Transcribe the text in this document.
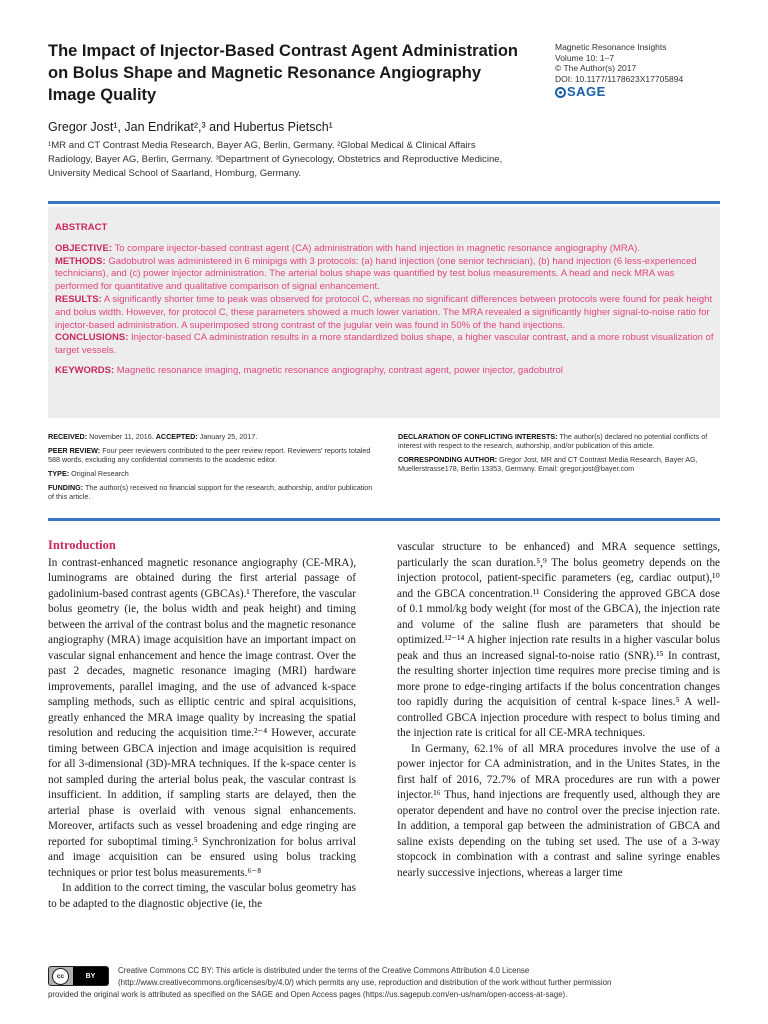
The Impact of Injector-Based Contrast Agent Administration on Bolus Shape and Magnetic Resonance Angiography Image Quality
Magnetic Resonance Insights
Volume 10: 1–7
© The Author(s) 2017
DOI: 10.1177/1178623X17705894
SAGE
Gregor Jost¹, Jan Endrikat²,³ and Hubertus Pietsch¹
¹MR and CT Contrast Media Research, Bayer AG, Berlin, Germany. ²Global Medical & Clinical Affairs Radiology, Bayer AG, Berlin, Germany. ³Department of Gynecology, Obstetrics and Reproductive Medicine, University Medical School of Saarland, Homburg, Germany.
ABSTRACT

OBJECTIVE: To compare injector-based contrast agent (CA) administration with hand injection in magnetic resonance angiography (MRA).

METHODS: Gadobutrol was administered in 6 minipigs with 3 protocols: (a) hand injection (one senior technician), (b) hand injection (6 less-experienced technicians), and (c) power injector administration. The arterial bolus shape was quantified by test bolus measurements. A head and neck MRA was performed for quantitative and qualitative comparison of signal enhancement.

RESULTS: A significantly shorter time to peak was observed for protocol C, whereas no significant differences between protocols were found for peak height and bolus width. However, for protocol C, these parameters showed a much lower variation. The MRA revealed a significantly higher signal-to-noise ratio for injector-based administration. A superimposed strong contrast of the jugular vein was found in 50% of the hand injections.

CONCLUSIONS: Injector-based CA administration results in a more standardized bolus shape, a higher vascular contrast, and a more robust visualization of target vessels.

KEYWORDS: Magnetic resonance imaging, magnetic resonance angiography, contrast agent, power injector, gadobutrol

RECEIVED: November 11, 2016. ACCEPTED: January 25, 2017.

PEER REVIEW: Four peer reviewers contributed to the peer review report. Reviewers' reports totaled 588 words, excluding any confidential comments to the academic editor.

TYPE: Original Research

FUNDING: The author(s) received no financial support for the research, authorship, and/or publication of this article.

DECLARATION OF CONFLICTING INTERESTS: The author(s) declared no potential conflicts of interest with respect to the research, authorship, and/or publication of this article.

CORRESPONDING AUTHOR: Gregor Jost, MR and CT Contrast Media Research, Bayer AG, Muellerstrasse178, Berlin 13353, Germany. Email: gregor.jost@bayer.com

Introduction

In contrast-enhanced magnetic resonance angiography (CE-MRA), luminograms are obtained during the first arterial passage of gadolinium-based contrast agents (GBCAs).¹ Therefore, the vascular bolus geometry (ie, the bolus width and peak height) and timing between the arrival of the contrast bolus and the magnetic resonance angiography (MRA) image acquisition have an important impact on vascular signal enhancement and hence the image contrast. Over the past 2 decades, magnetic resonance imaging (MRI) hardware improvements, parallel imaging, and the use of advanced k-space sampling methods, such as elliptic centric and spiral acquisitions, greatly enhanced the MRA image quality by increasing the spatial resolution and reducing the acquisition time.²⁻⁴ However, accurate timing between GBCA injection and image acquisition is required for all 3-dimensional (3D)-MRA techniques. If the k-space center is not sampled during the arterial bolus peak, the vascular contrast is insufficient. In addition, if sampling starts are delayed, then the arterial phase is overlaid with venous signal enhancements. Moreover, artifacts such as vessel broadening and edge ringing are reported for suboptimal timing.⁵ Synchronization for bolus arrival and image acquisition can be ensured using bolus tracking techniques or prior test bolus measurements.⁶⁻⁸

In addition to the correct timing, the vascular bolus geometry has to be adapted to the diagnostic objective (ie, the

vascular structure to be enhanced) and MRA sequence settings, particularly the scan duration.⁵,⁹ The bolus geometry depends on the injection protocol, patient-specific parameters (eg, cardiac output),¹⁰ and the GBCA concentration.¹¹ Considering the approved GBCA dose of 0.1 mmol/kg body weight (for most of the GBCA), the injection rate and volume of the saline flush are parameters that should be optimized.¹²⁻¹⁴ A higher injection rate results in a higher vascular bolus peak and thus an increased signal-to-noise ratio (SNR).¹⁵ In contrast, the resulting shorter injection time requires more precise timing and is more prone to edge-ringing artifacts if the bolus concentration changes too rapidly during the acquisition of central k-space lines.⁵ A well-controlled GBCA injection procedure with respect to bolus timing and the injection rate is critical for all CE-MRA techniques.

In Germany, 62.1% of all MRA procedures involve the use of a power injector for CA administration, and in the Unites States, in the first half of 2016, 72.7% of MRA procedures are run with a power injector.¹⁶ Thus, hand injections are frequently used, although they are operator dependent and have no control over the precise injection rate. In addition, a temporal gap between the administration of GBCA and saline exists depending on the tubing set used. The use of a 3-way stopcock in combination with a contrast and saline syringe enables nearly successive injections, whereas a larger time

cc	BY
Creative Commons CC BY: This article is distributed under the terms of the Creative Commons Attribution 4.0 License
(http://www.creativecommons.org/licenses/by/4.0/) which permits any use, reproduction and distribution of the work without further permission
provided the original work is attributed as specified on the SAGE and Open Access pages (https://us.sagepub.com/en-us/nam/open-access-at-sage).
